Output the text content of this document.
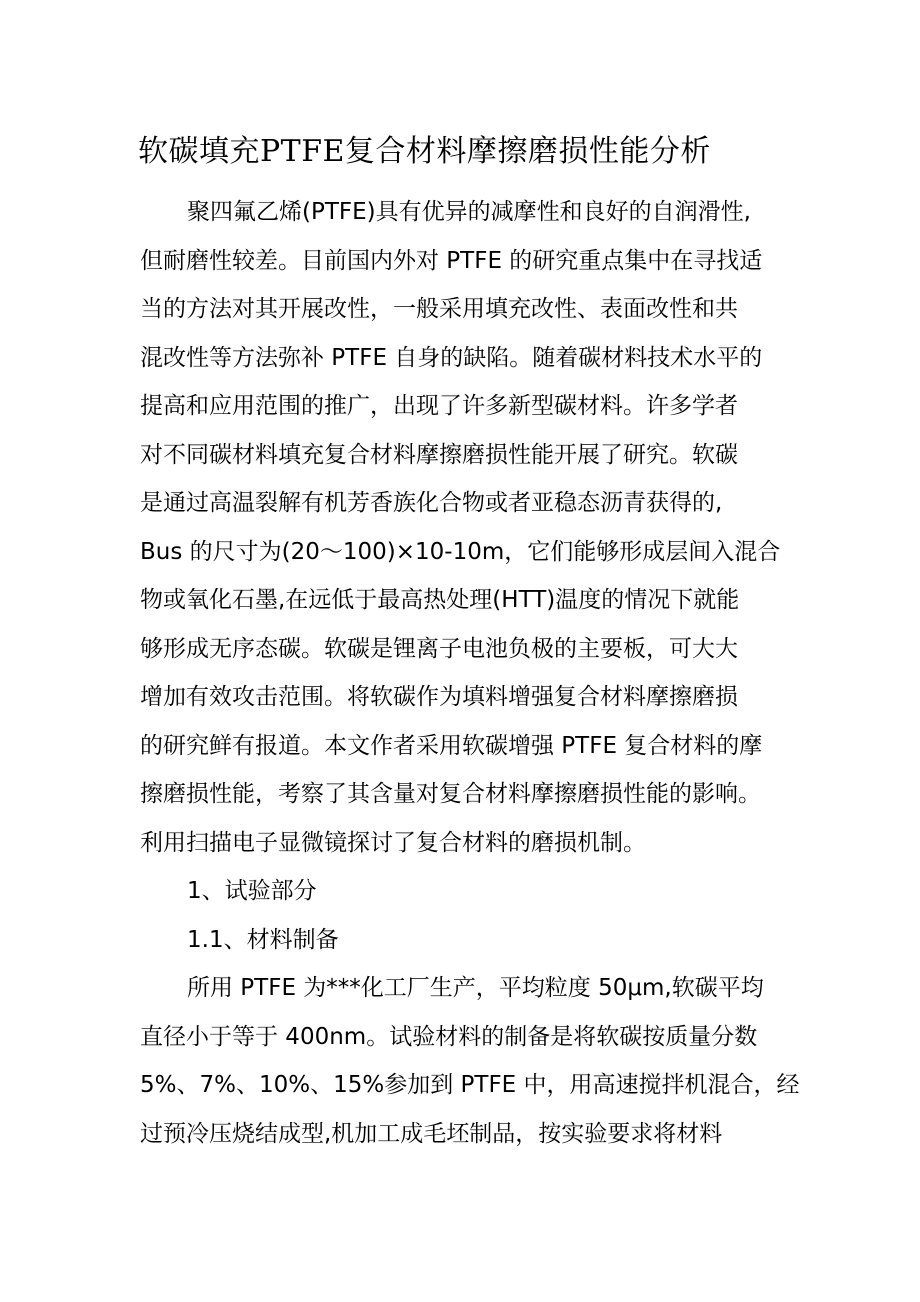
软碳填充PTFE复合材料摩擦磨损性能分析
聚四氟乙烯(PTFE)具有优异的减摩性和良好的自润滑性,
但耐磨性较差。目前国内外对 PTFE 的研究重点集中在寻找适
当的方法对其开展改性，一般采用填充改性、表面改性和共
混改性等方法弥补 PTFE 自身的缺陷。随着碳材料技术水平的
提高和应用范围的推广，出现了许多新型碳材料。许多学者
对不同碳材料填充复合材料摩擦磨损性能开展了研究。软碳
是通过高温裂解有机芳香族化合物或者亚稳态沥青获得的,
Bus 的尺寸为(20～100)×10-10m，它们能够形成层间入混合
物或氧化石墨,在远低于最高热处理(HTT)温度的情况下就能
够形成无序态碳。软碳是锂离子电池负极的主要板，可大大
增加有效攻击范围。将软碳作为填料增强复合材料摩擦磨损
的研究鲜有报道。本文作者采用软碳增强 PTFE 复合材料的摩
擦磨损性能，考察了其含量对复合材料摩擦磨损性能的影响。
利用扫描电子显微镜探讨了复合材料的磨损机制。
1、试验部分
1.1、材料制备
所用 PTFE 为***化工厂生产，平均粒度 50μm,软碳平均
直径小于等于 400nm。试验材料的制备是将软碳按质量分数
5%、7%、10%、15%参加到 PTFE 中，用高速搅拌机混合，经
过预冷压烧结成型,机加工成毛坯制品，按实验要求将材料
